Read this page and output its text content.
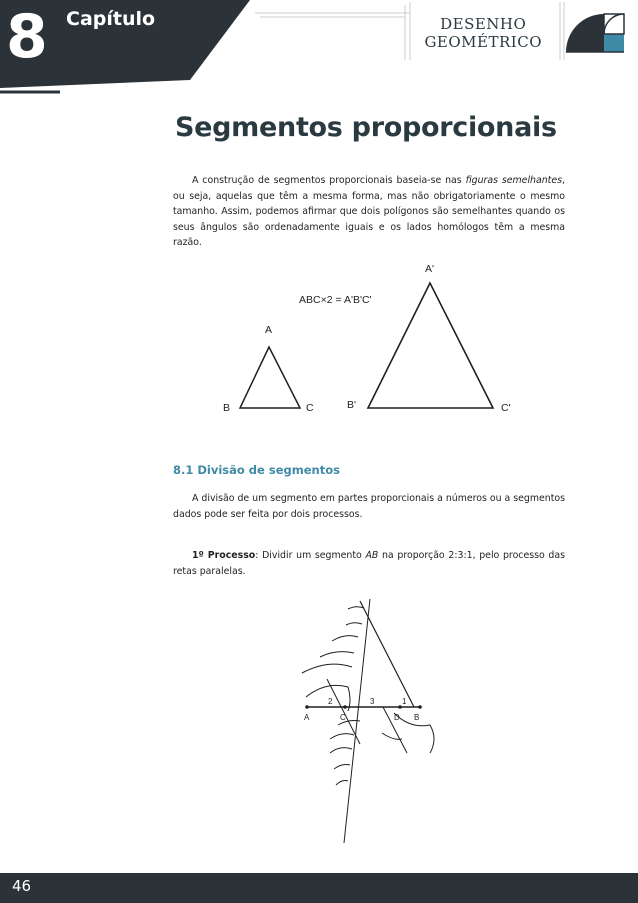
8 Capítulo	DESENHO
GEOMÉTRICO
Segmentos proporcionais
A construção de segmentos proporcionais baseia-se nas figuras semelhantes, ou seja, aquelas que têm a mesma forma, mas não obrigatoriamente o mesmo tamanho. Assim, podemos afirmar que dois polígonos são semelhantes quando os seus ângulos são ordenadamente iguais e os lados homólogos têm a mesma razão.
ABC×2 = A'B'C'
A
B	C
A'
B'	C'
8.1 Divisão de segmentos
A divisão de um segmento em partes proporcionais a números ou a segmentos dados pode ser feita por dois processos.
1º Processo: Dividir um segmento AB na proporção 2:3:1, pelo processo das retas paralelas.
A	C	D B
2	3	1
46
